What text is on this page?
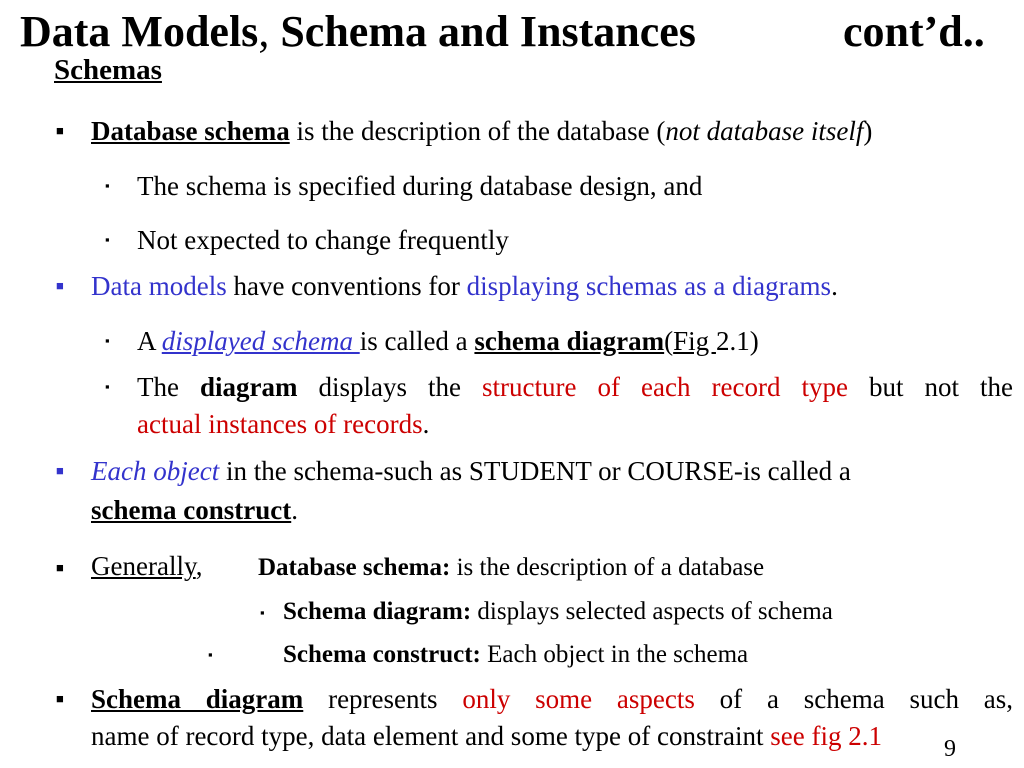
Data Models, Schema and Instances	cont’d..
Schemas
■ Database schema is the description of the database (not database itself)
▪ The schema is specified during database design, and
▪ Not expected to change frequently
■ Data models have conventions for displaying schemas as a diagrams.
▪ A displayed schema is called a schema diagram(Fig 2.1)
▪ The diagram displays the structure of each record type but not the
actual instances of records.
■ Each object in the schema-such as STUDENT or COURSE-is called a
schema construct.
■ Generally, Database schema: is the description of a database
▪ Schema diagram: displays selected aspects of schema
▪	Schema construct: Each object in the schema
■ Schema diagram represents only some aspects of a schema such as,
name of record type, data element and some type of constraint see fig 2.1	9
